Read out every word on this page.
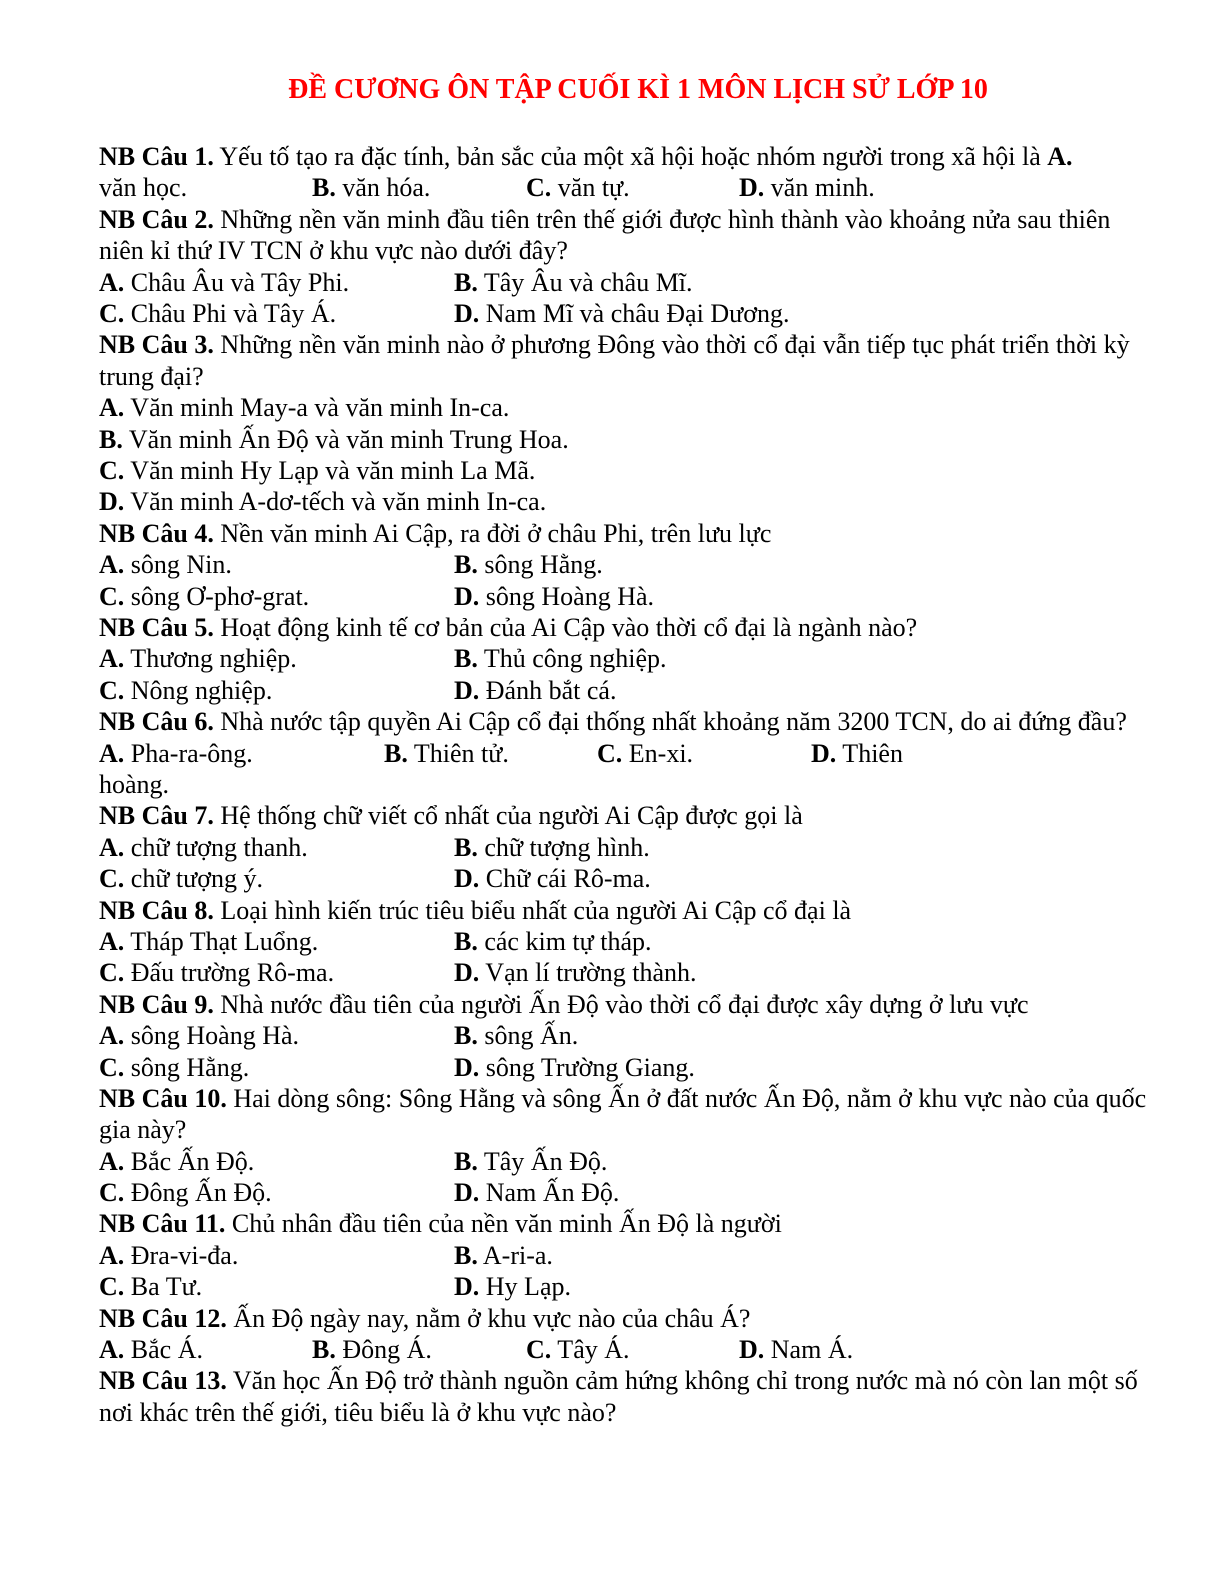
ĐỀ CƯƠNG ÔN TẬP CUỐI KÌ 1 MÔN LỊCH SỬ LỚP 10
NB Câu 1. Yếu tố tạo ra đặc tính, bản sắc của một xã hội hoặc nhóm người trong xã hội là A.
văn học.	B. văn hóa.	C. văn tự.	D. văn minh.
NB Câu 2. Những nền văn minh đầu tiên trên thế giới được hình thành vào khoảng nửa sau thiên niên kỉ thứ IV TCN ở khu vực nào dưới đây?
A. Châu Âu và Tây Phi.	B. Tây Âu và châu Mĩ.
C. Châu Phi và Tây Á.	D. Nam Mĩ và châu Đại Dương.
NB Câu 3. Những nền văn minh nào ở phương Đông vào thời cổ đại vẫn tiếp tục phát triển thời kỳ trung đại?
A. Văn minh May-a và văn minh In-ca.
B. Văn minh Ấn Độ và văn minh Trung Hoa.
C. Văn minh Hy Lạp và văn minh La Mã.
D. Văn minh A-dơ-tếch và văn minh In-ca.
NB Câu 4. Nền văn minh Ai Cập, ra đời ở châu Phi, trên lưu lực
A. sông Nin.	B. sông Hằng.
C. sông Ơ-phơ-grat.	D. sông Hoàng Hà.
NB Câu 5. Hoạt động kinh tế cơ bản của Ai Cập vào thời cổ đại là ngành nào?
A. Thương nghiệp.	B. Thủ công nghiệp.
C. Nông nghiệp.	D. Đánh bắt cá.
NB Câu 6. Nhà nước tập quyền Ai Cập cổ đại thống nhất khoảng năm 3200 TCN, do ai đứng đầu?
A. Pha-ra-ông.	B. Thiên tử.	C. En-xi.	D. Thiên
hoàng.
NB Câu 7. Hệ thống chữ viết cổ nhất của người Ai Cập được gọi là
A. chữ tượng thanh.	B. chữ tượng hình.
C. chữ tượng ý.	D. Chữ cái Rô-ma.
NB Câu 8. Loại hình kiến trúc tiêu biểu nhất của người Ai Cập cổ đại là
A. Tháp Thạt Luổng.	B. các kim tự tháp.
C. Đấu trường Rô-ma.	D. Vạn lí trường thành.
NB Câu 9. Nhà nước đầu tiên của người Ấn Độ vào thời cổ đại được xây dựng ở lưu vực
A. sông Hoàng Hà.	B. sông Ấn.
C. sông Hằng.	D. sông Trường Giang.
NB Câu 10. Hai dòng sông: Sông Hằng và sông Ấn ở đất nước Ấn Độ, nằm ở khu vực nào của quốc gia này?
A. Bắc Ấn Độ.	B. Tây Ấn Độ.
C. Đông Ấn Độ.	D. Nam Ấn Độ.
NB Câu 11. Chủ nhân đầu tiên của nền văn minh Ấn Độ là người
A. Đra-vi-đa.	B. A-ri-a.
C. Ba Tư.	D. Hy Lạp.
NB Câu 12. Ấn Độ ngày nay, nằm ở khu vực nào của châu Á?
A. Bắc Á.	B. Đông Á.	C. Tây Á.	D. Nam Á.
NB Câu 13. Văn học Ấn Độ trở thành nguồn cảm hứng không chỉ trong nước mà nó còn lan một số nơi khác trên thế giới, tiêu biểu là ở khu vực nào?
